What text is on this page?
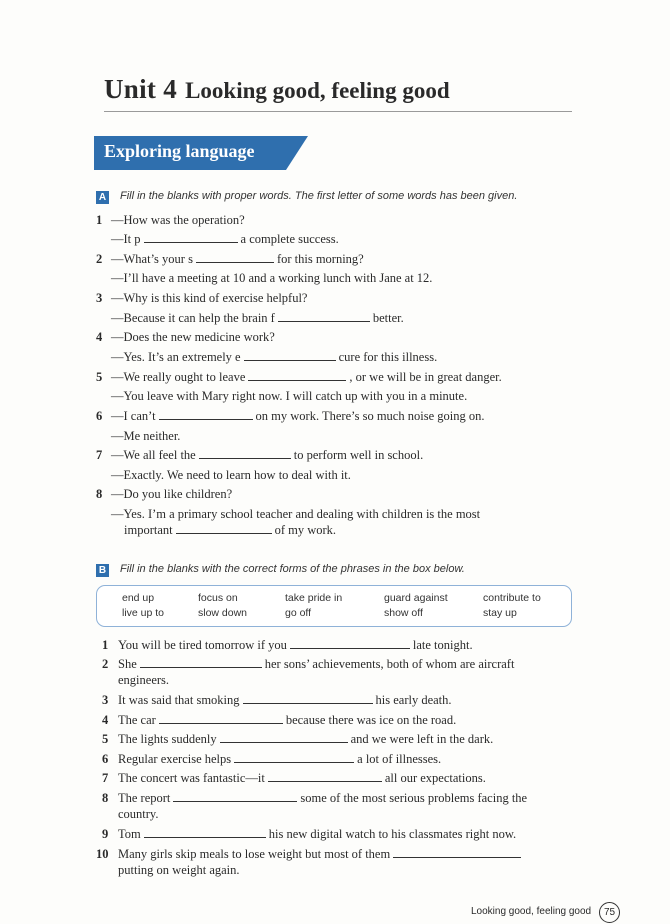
Unit 4 Looking good, feeling good
Exploring language
A Fill in the blanks with proper words. The first letter of some words has been given.
1 —How was the operation?
—It p	a complete success.
2 —What’s your s	for this morning?
—I’ll have a meeting at 10 and a working lunch with Jane at 12.
3 —Why is this kind of exercise helpful?
—Because it can help the brain f	better.
4 —Does the new medicine work?
—Yes. It’s an extremely e	cure for this illness.
5 —We really ought to leave	, or we will be in great danger.
—You leave with Mary right now. I will catch up with you in a minute.
6 —I can’t	on my work. There’s so much noise going on.
—Me neither.
7 —We all feel the	to perform well in school.
—Exactly. We need to learn how to deal with it.
8 —Do you like children?
—Yes. I’m a primary school teacher and dealing with children is the most
important	of my work.
B Fill in the blanks with the correct forms of the phrases in the box below.
end up	focus on	take pride in	guard against	contribute to
live up to	slow down	go off	show off	stay up
1 You will be tired tomorrow if you	late tonight.
2 She	her sons’ achievements, both of whom are aircraft
engineers.
3 It was said that smoking	his early death.
4 The car	because there was ice on the road.
5 The lights suddenly	and we were left in the dark.
6 Regular exercise helps	a lot of illnesses.
7 The concert was fantastic—it	all our expectations.
8 The report	some of the most serious problems facing the
country.
9 Tom	his new digital watch to his classmates right now.
10 Many girls skip meals to lose weight but most of them
putting on weight again.
Looking good, feeling good	75
